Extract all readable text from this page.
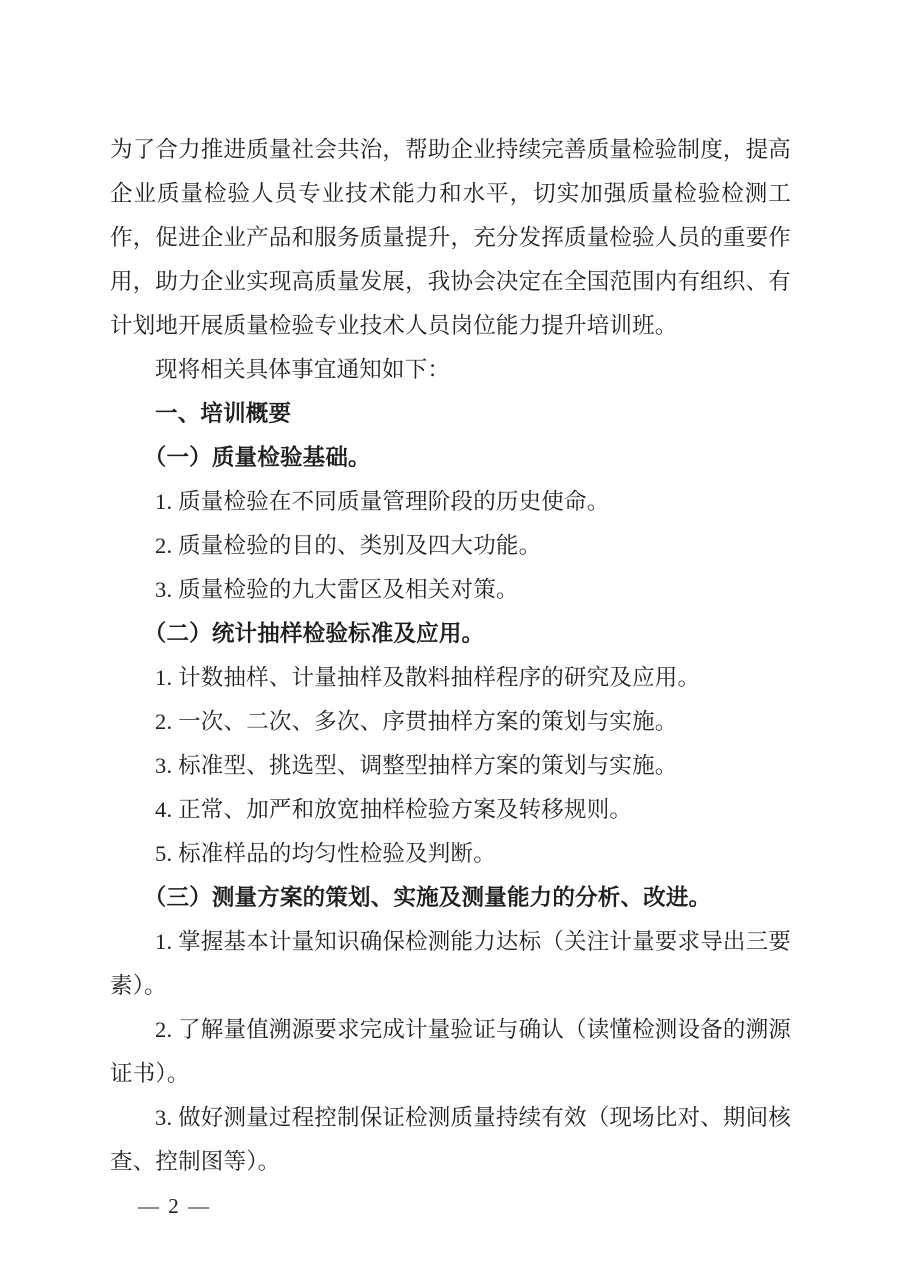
为了合力推进质量社会共治，帮助企业持续完善质量检验制度，提高企业质量检验人员专业技术能力和水平，切实加强质量检验检测工作，促进企业产品和服务质量提升，充分发挥质量检验人员的重要作用，助力企业实现高质量发展，我协会决定在全国范围内有组织、有计划地开展质量检验专业技术人员岗位能力提升培训班。
现将相关具体事宜通知如下：
一、培训概要
（一）质量检验基础。
1. 质量检验在不同质量管理阶段的历史使命。
2. 质量检验的目的、类别及四大功能。
3. 质量检验的九大雷区及相关对策。
（二）统计抽样检验标准及应用。
1. 计数抽样、计量抽样及散料抽样程序的研究及应用。
2. 一次、二次、多次、序贯抽样方案的策划与实施。
3. 标准型、挑选型、调整型抽样方案的策划与实施。
4. 正常、加严和放宽抽样检验方案及转移规则。
5. 标准样品的均匀性检验及判断。
（三）测量方案的策划、实施及测量能力的分析、改进。
1. 掌握基本计量知识确保检测能力达标（关注计量要求导出三要素）。
2. 了解量值溯源要求完成计量验证与确认（读懂检测设备的溯源证书）。
3. 做好测量过程控制保证检测质量持续有效（现场比对、期间核查、控制图等）。
— 2 —
